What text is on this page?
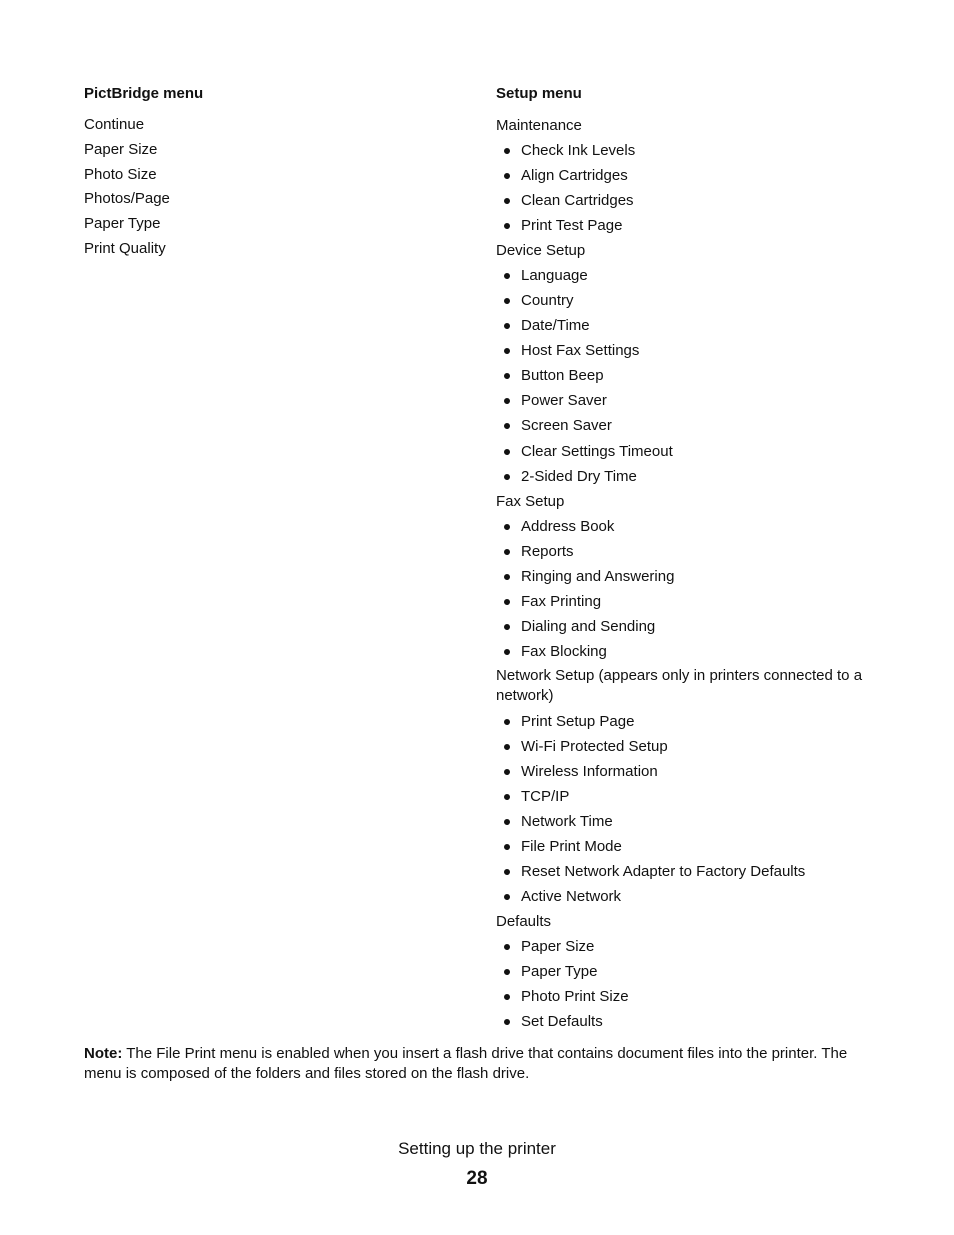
PictBridge menu
Continue
Paper Size
Photo Size
Photos/Page
Paper Type
Print Quality
Setup menu
Maintenance
Check Ink Levels
Align Cartridges
Clean Cartridges
Print Test Page
Device Setup
Language
Country
Date/Time
Host Fax Settings
Button Beep
Power Saver
Screen Saver
Clear Settings Timeout
2-Sided Dry Time
Fax Setup
Address Book
Reports
Ringing and Answering
Fax Printing
Dialing and Sending
Fax Blocking
Network Setup (appears only in printers connected to a network)
Print Setup Page
Wi-Fi Protected Setup
Wireless Information
TCP/IP
Network Time
File Print Mode
Reset Network Adapter to Factory Defaults
Active Network
Defaults
Paper Size
Paper Type
Photo Print Size
Set Defaults
Note: The File Print menu is enabled when you insert a flash drive that contains document files into the printer. The menu is composed of the folders and files stored on the flash drive.
Setting up the printer
28
